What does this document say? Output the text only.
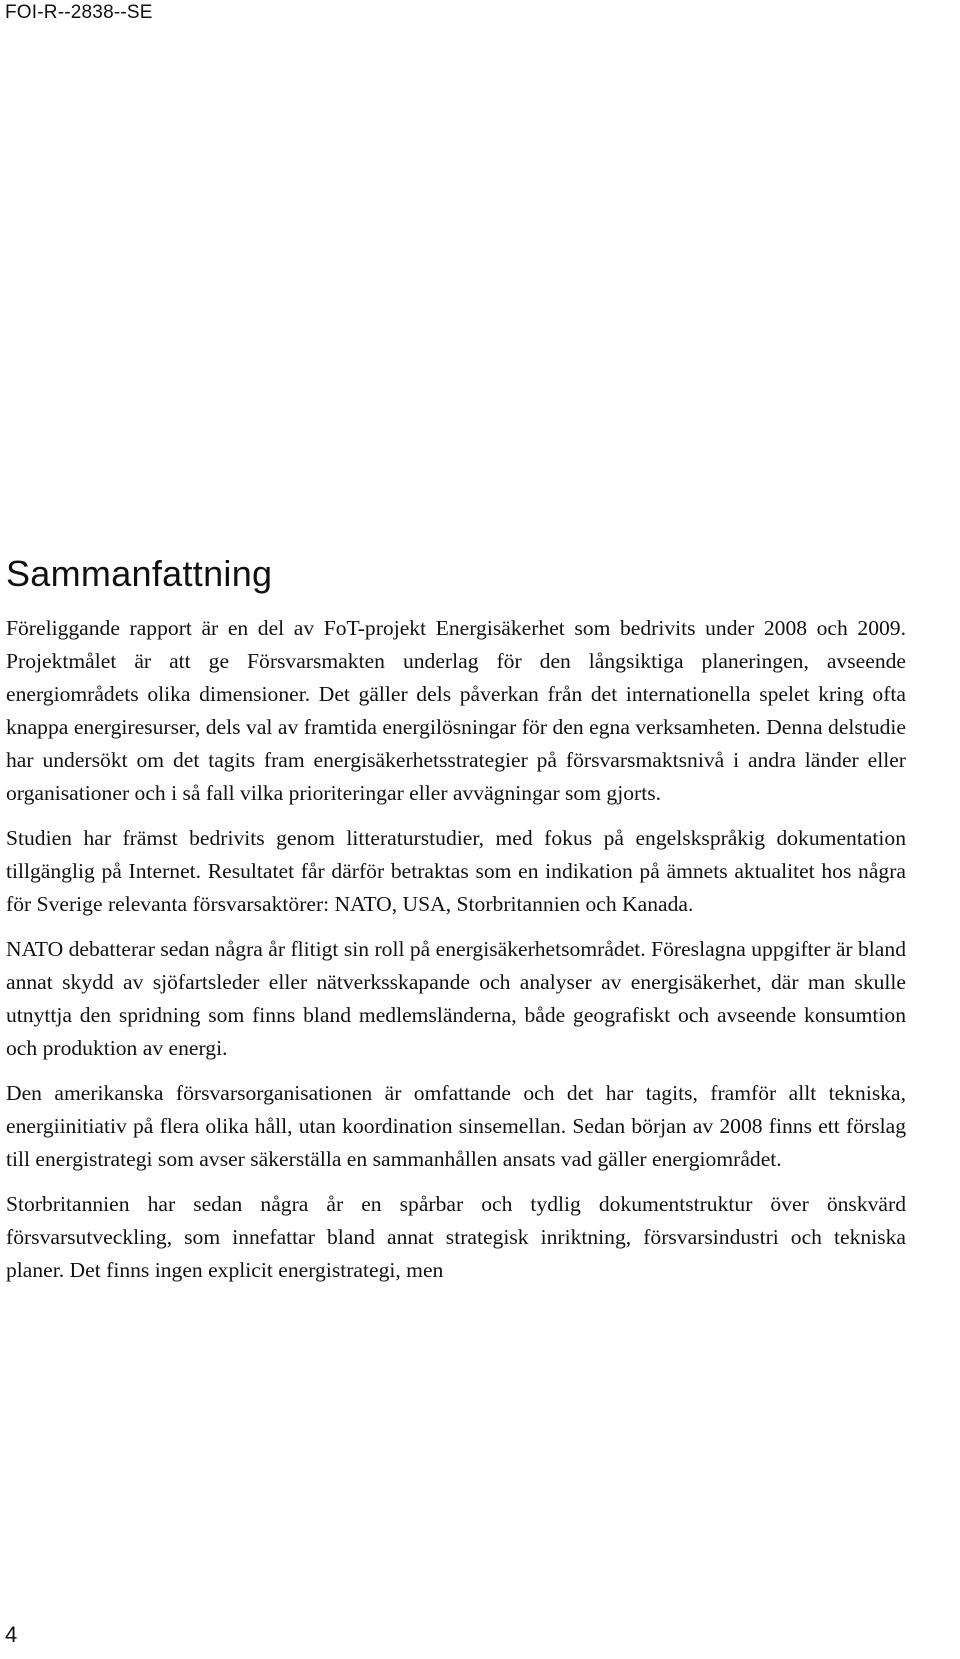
FOI-R--2838--SE
Sammanfattning

Föreliggande rapport är en del av FoT-projekt Energisäkerhet som bedrivits under 2008 och 2009. Projektmålet är att ge Försvarsmakten underlag för den långsiktiga planeringen, avseende energiområdets olika dimensioner. Det gäller dels påverkan från det internationella spelet kring ofta knappa energiresurser, dels val av framtida energilösningar för den egna verksamheten. Denna delstudie har undersökt om det tagits fram energisäkerhetsstrategier på försvarsmaktsnivå i andra länder eller organisationer och i så fall vilka prioriteringar eller avvägningar som gjorts.

Studien har främst bedrivits genom litteraturstudier, med fokus på engelskspråkig dokumentation tillgänglig på Internet. Resultatet får därför betraktas som en indikation på ämnets aktualitet hos några för Sverige relevanta försvarsaktörer: NATO, USA, Storbritannien och Kanada.

NATO debatterar sedan några år flitigt sin roll på energisäkerhetsområdet. Föreslagna uppgifter är bland annat skydd av sjöfartsleder eller nätverksskapande och analyser av energisäkerhet, där man skulle utnyttja den spridning som finns bland medlemsländerna, både geografiskt och avseende konsumtion och produktion av energi.

Den amerikanska försvarsorganisationen är omfattande och det har tagits, framför allt tekniska, energiinitiativ på flera olika håll, utan koordination sinsemellan. Sedan början av 2008 finns ett förslag till energistrategi som avser säkerställa en sammanhållen ansats vad gäller energiområdet.

Storbritannien har sedan några år en spårbar och tydlig dokumentstruktur över önskvärd försvarsutveckling, som innefattar bland annat strategisk inriktning, försvarsindustri och tekniska planer. Det finns ingen explicit energistrategi, men

4
